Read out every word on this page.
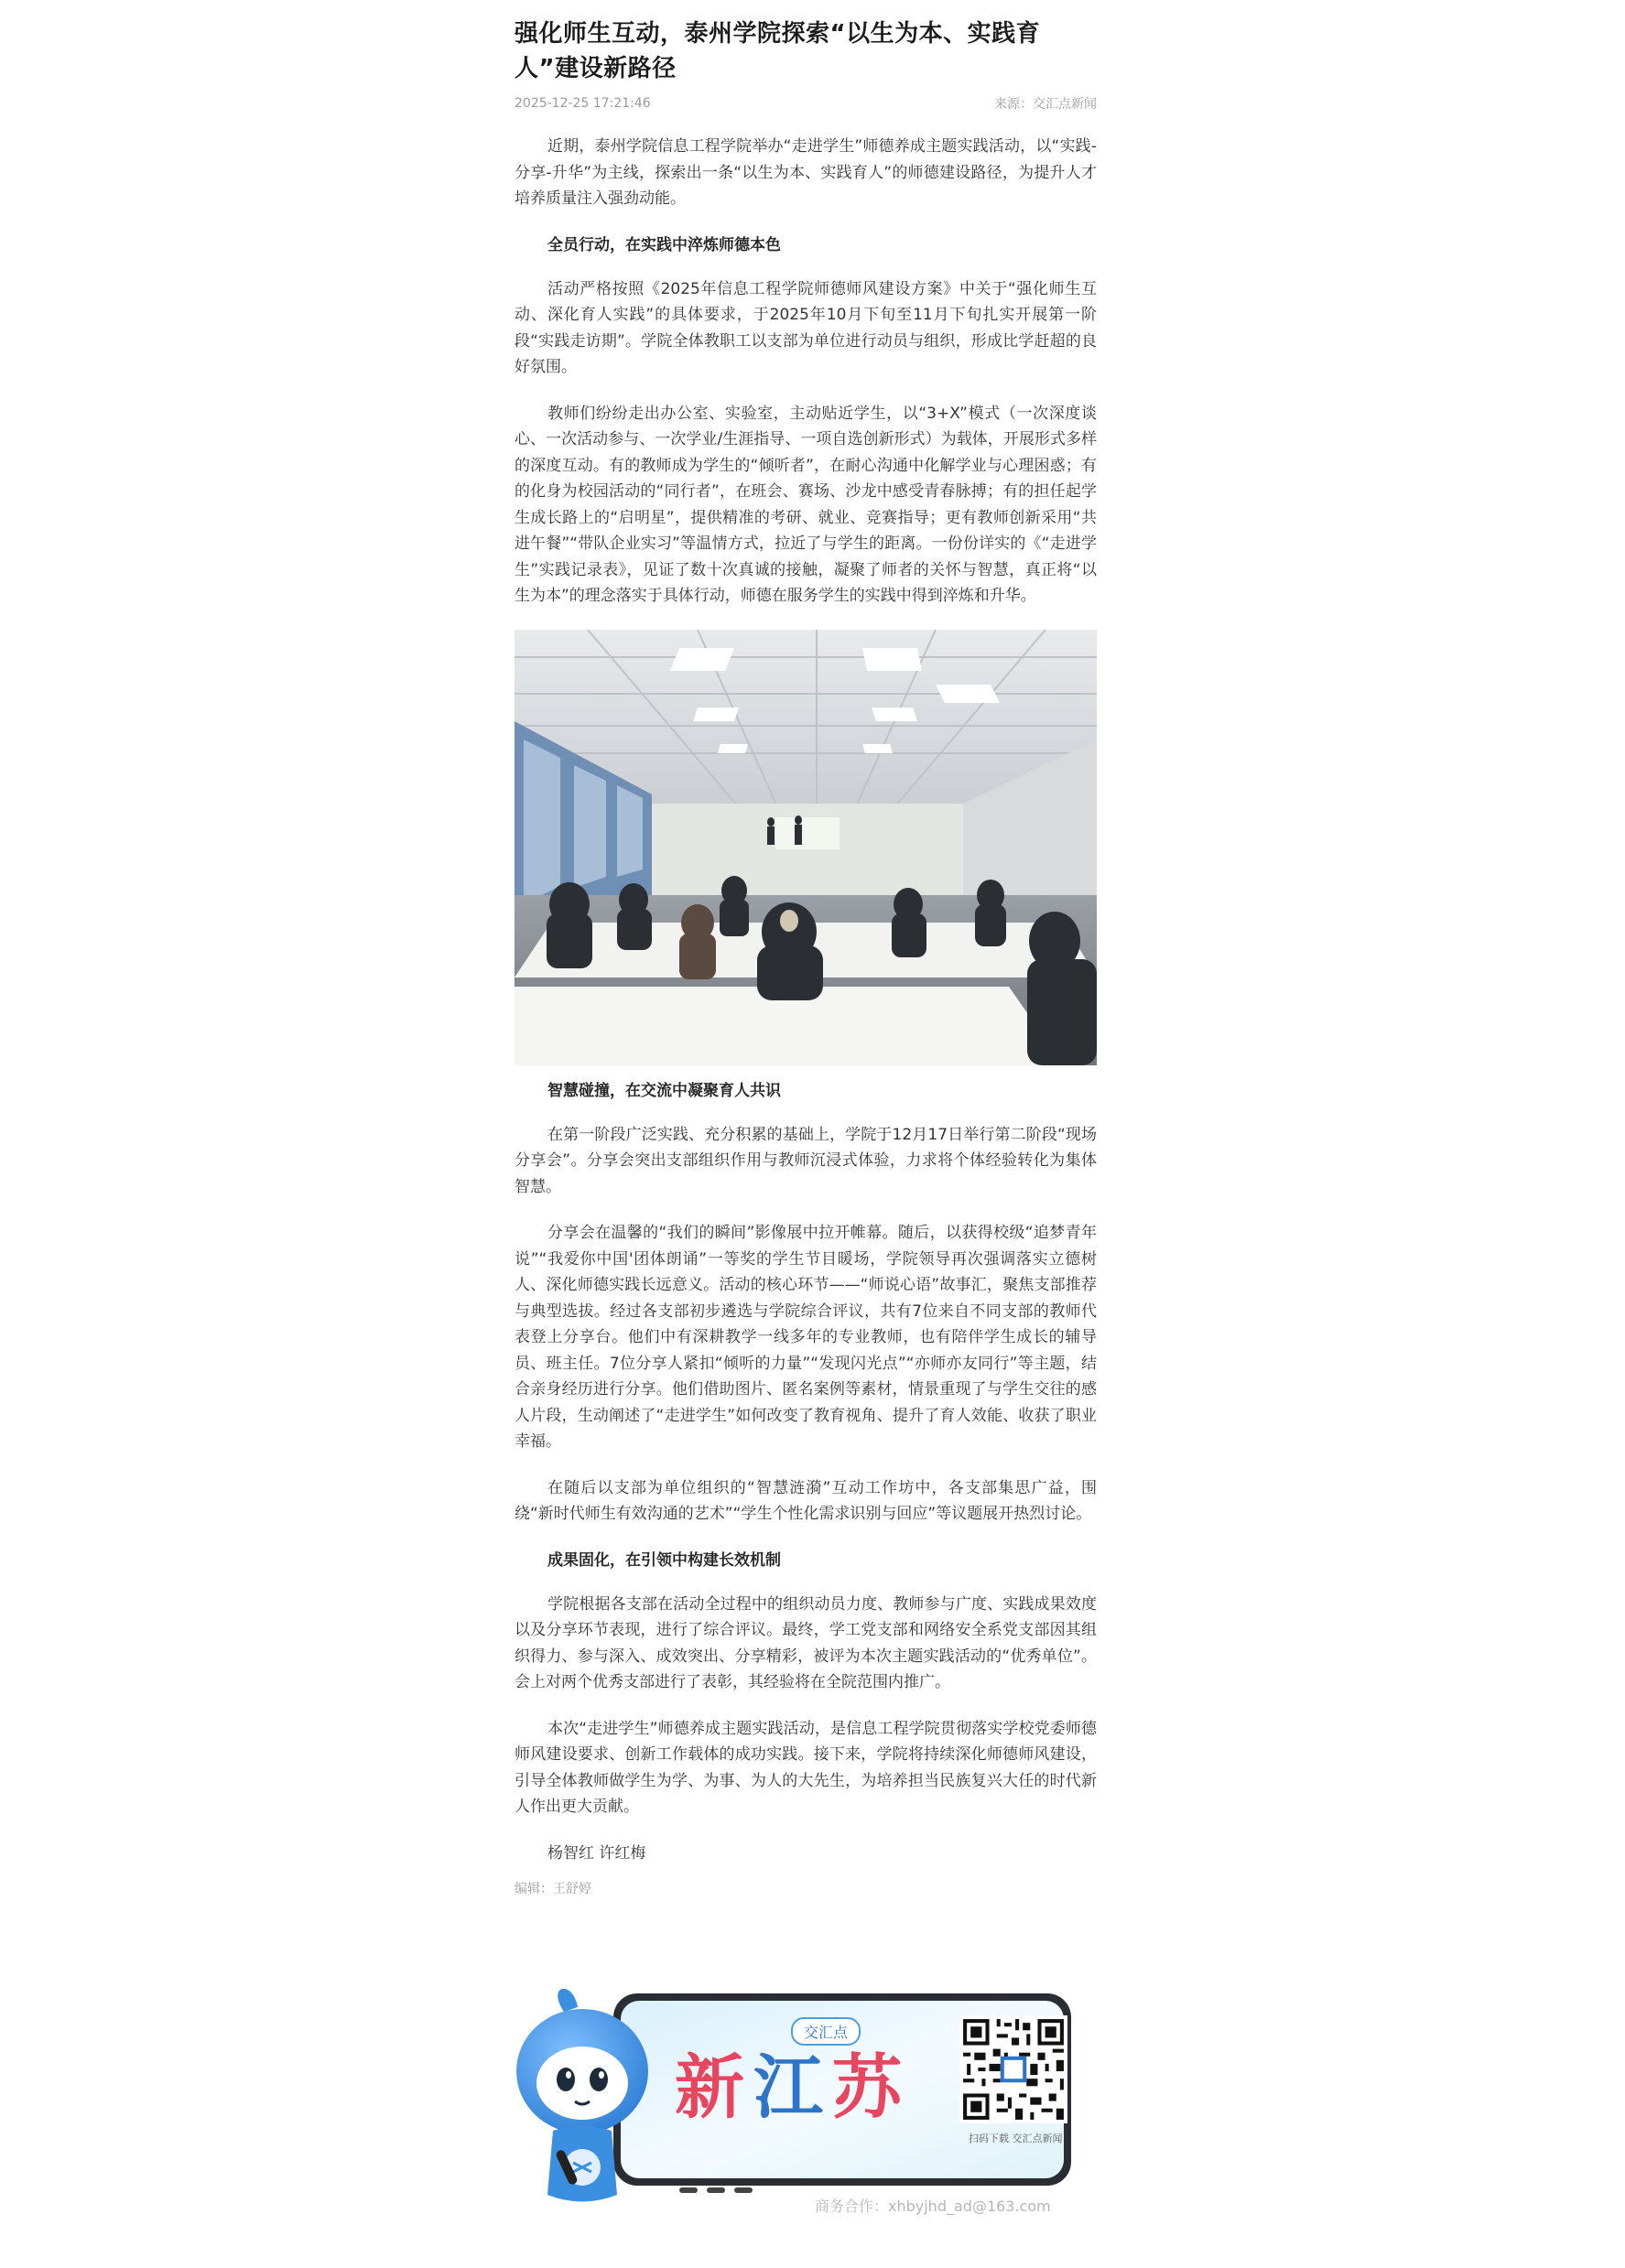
强化师生互动，泰州学院探索“以生为本、实践育人”建设新路径
2025-12-25 17:21:46	来源：交汇点新闻

近期，泰州学院信息工程学院举办“走进学生”师德养成主题实践活动，以“实践-分享-升华”为主线，探索出一条“以生为本、实践育人”的师德建设路径，为提升人才培养质量注入强劲动能。

全员行动，在实践中淬炼师德本色

活动严格按照《2025年信息工程学院师德师风建设方案》中关于“强化师生互动、深化育人实践”的具体要求，于2025年10月下旬至11月下旬扎实开展第一阶段“实践走访期”。学院全体教职工以支部为单位进行动员与组织，形成比学赶超的良好氛围。

教师们纷纷走出办公室、实验室，主动贴近学生，以“3+X”模式（一次深度谈心、一次活动参与、一次学业/生涯指导、一项自选创新形式）为载体，开展形式多样的深度互动。有的教师成为学生的“倾听者”，在耐心沟通中化解学业与心理困惑；有的化身为校园活动的“同行者”，在班会、赛场、沙龙中感受青春脉搏；有的担任起学生成长路上的“启明星”，提供精准的考研、就业、竞赛指导；更有教师创新采用“共进午餐”“带队企业实习”等温情方式，拉近了与学生的距离。一份份详实的《“走进学生”实践记录表》，见证了数十次真诚的接触，凝聚了师者的关怀与智慧，真正将“以生为本”的理念落实于具体行动，师德在服务学生的实践中得到淬炼和升华。

智慧碰撞，在交流中凝聚育人共识

在第一阶段广泛实践、充分积累的基础上，学院于12月17日举行第二阶段“现场分享会”。分享会突出支部组织作用与教师沉浸式体验，力求将个体经验转化为集体智慧。

分享会在温馨的“我们的瞬间”影像展中拉开帷幕。随后，以获得校级“追梦青年说”“我爱你中国'团体朗诵”一等奖的学生节目暖场，学院领导再次强调落实立德树人、深化师德实践长远意义。活动的核心环节——“师说心语”故事汇，聚焦支部推荐与典型选拔。经过各支部初步遴选与学院综合评议，共有7位来自不同支部的教师代表登上分享台。他们中有深耕教学一线多年的专业教师，也有陪伴学生成长的辅导员、班主任。7位分享人紧扣“倾听的力量”“发现闪光点”“亦师亦友同行”等主题，结合亲身经历进行分享。他们借助图片、匿名案例等素材，情景重现了与学生交往的感人片段，生动阐述了“走进学生”如何改变了教育视角、提升了育人效能、收获了职业幸福。

在随后以支部为单位组织的“智慧涟漪”互动工作坊中，各支部集思广益，围绕“新时代师生有效沟通的艺术”“学生个性化需求识别与回应”等议题展开热烈讨论。

成果固化，在引领中构建长效机制

学院根据各支部在活动全过程中的组织动员力度、教师参与广度、实践成果效度以及分享环节表现，进行了综合评议。最终，学工党支部和网络安全系党支部因其组织得力、参与深入、成效突出、分享精彩，被评为本次主题实践活动的“优秀单位”。会上对两个优秀支部进行了表彰，其经验将在全院范围内推广。

本次“走进学生”师德养成主题实践活动，是信息工程学院贯彻落实学校党委师德师风建设要求、创新工作载体的成功实践。接下来，学院将持续深化师德师风建设，引导全体教师做学生为学、为事、为人的大先生，为培养担当民族复兴大任的时代新人作出更大贡献。

杨智红 许红梅

编辑：王舒婷
交汇点
新江苏
扫码下载 交汇点新闻
商务合作：xhbyjhd_ad@163.com
